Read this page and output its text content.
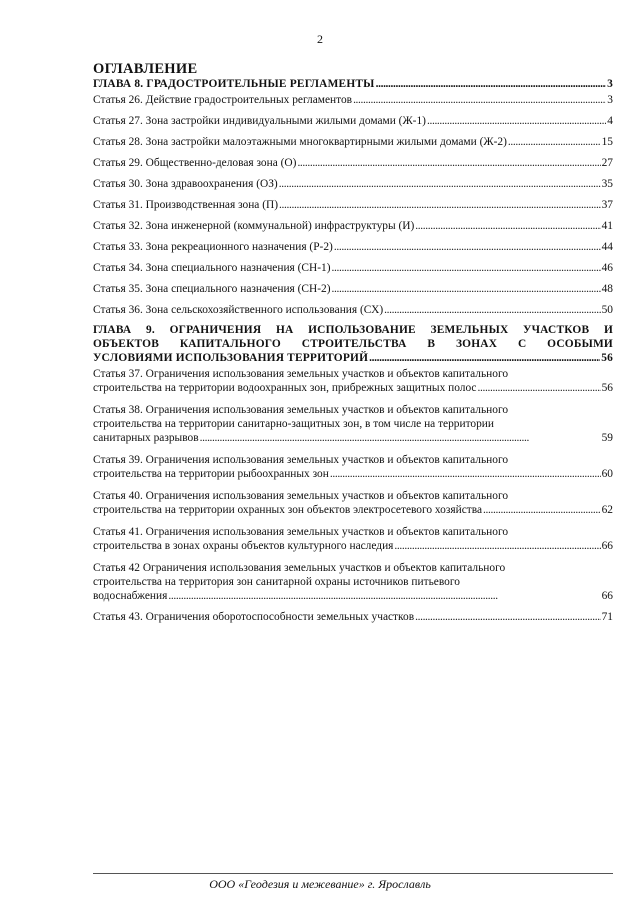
2
ОГЛАВЛЕНИЕ
ГЛАВА 8. ГРАДОСТРОИТЕЛЬНЫЕ РЕГЛАМЕНТЫ . . .	3
Статья 26. Действие градостроительных регламентов . . .	3
Статья 27. Зона застройки индивидуальными жилыми домами (Ж-1) . . .	4
Статья 28. Зона застройки малоэтажными многоквартирными жилыми домами (Ж-2) . . .	15
Статья 29. Общественно-деловая зона (О) . . .	27
Статья 30. Зона здравоохранения (ОЗ) . . .	35
Статья 31. Производственная зона (П) . . .	37
Статья 32. Зона инженерной (коммунальной) инфраструктуры (И) . . .	41
Статья 33. Зона рекреационного назначения (Р-2) . . .	44
Статья 34. Зона специального назначения (СН-1) . . .	46
Статья 35. Зона специального назначения (СН-2) . . .	48
Статья 36. Зона сельскохозяйственного использования (СХ) . . .	50
ГЛАВА 9. ОГРАНИЧЕНИЯ НА ИСПОЛЬЗОВАНИЕ ЗЕМЕЛЬНЫХ УЧАСТКОВ И
ОБЪЕКТОВ КАПИТАЛЬНОГО СТРОИТЕЛЬСТВА В ЗОНАХ С ОСОБЫМИ
УСЛОВИЯМИ ИСПОЛЬЗОВАНИЯ ТЕРРИТОРИЙ . . .	56
Статья 37. Ограничения использования земельных участков и объектов капитального
строительства на территории водоохранных зон, прибрежных защитных полос . . .	56
Статья 38. Ограничения использования земельных участков и объектов капитального
строительства на территории санитарно-защитных зон, в том числе на территории
санитарных разрывов . . .	59
Статья 39. Ограничения использования земельных участков и объектов капитального
строительства на территории рыбоохранных зон . . .	60
Статья 40. Ограничения использования земельных участков и объектов капитального
строительства на территории охранных зон объектов электросетевого хозяйства . . .	62
Статья 41. Ограничения использования земельных участков и объектов капитального
строительства в зонах охраны объектов культурного наследия . . .	66
Статья 42 Ограничения использования земельных участков и объектов капитального
строительства на территория зон санитарной охраны источников питьевого
водоснабжения . . .	66
Статья 43. Ограничения оборотоспособности земельных участков . . .	71
ООО «Геодезия и межевание» г. Ярославль
